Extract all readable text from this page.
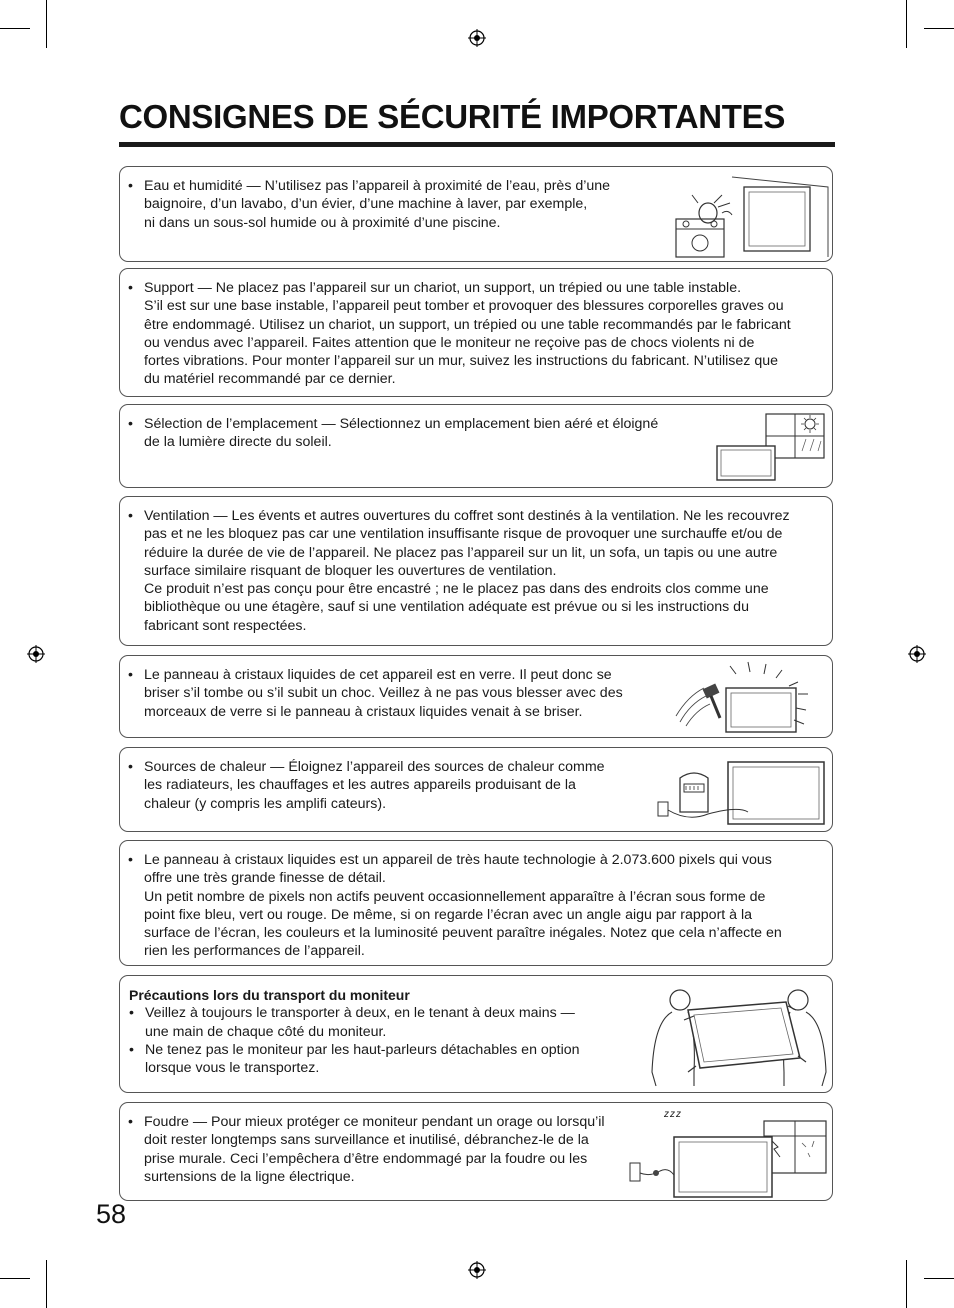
CONSIGNES DE SÉCURITÉ IMPORTANTES

• Eau et humidité — N’utilisez pas l’appareil à proximité de l’eau, près d’une

baignoire, d’un lavabo, d’un évier, d’une machine à laver, par exemple,

ni dans un sous-sol humide ou à proximité d’une piscine.

• Support — Ne placez pas l’appareil sur un chariot, un support, un trépied ou une table instable.

S’il est sur une base instable, l’appareil peut tomber et provoquer des blessures corporelles graves ou

être endommagé. Utilisez un chariot, un support, un trépied ou une table recommandés par le fabricant

ou vendus avec l’appareil. Faites attention que le moniteur ne reçoive pas de chocs violents ni de

fortes vibrations. Pour monter l’appareil sur un mur, suivez les instructions du fabricant. N’utilisez que

du matériel recommandé par ce dernier.

• Sélection de l’emplacement — Sélectionnez un emplacement bien aéré et éloigné

de la lumière directe du soleil.

• Ventilation — Les évents et autres ouvertures du coffret sont destinés à la ventilation. Ne les recouvrez

pas et ne les bloquez pas car une ventilation insuffisante risque de provoquer une surchauffe et/ou de

réduire la durée de vie de l’appareil. Ne placez pas l’appareil sur un lit, un sofa, un tapis ou une autre

surface similaire risquant de bloquer les ouvertures de ventilation.

Ce produit n’est pas conçu pour être encastré ; ne le placez pas dans des endroits clos comme une

bibliothèque ou une étagère, sauf si une ventilation adéquate est prévue ou si les instructions du

fabricant sont respectées.

• Le panneau à cristaux liquides de cet appareil est en verre. Il peut donc se

briser s’il tombe ou s’il subit un choc. Veillez à ne pas vous blesser avec des

morceaux de verre si le panneau à cristaux liquides venait à se briser.

• Sources de chaleur — Éloignez l’appareil des sources de chaleur comme

les radiateurs, les chauffages et les autres appareils produisant de la

chaleur (y compris les amplifi cateurs).

• Le panneau à cristaux liquides est un appareil de très haute technologie à 2.073.600 pixels qui vous

offre une très grande finesse de détail.

Un petit nombre de pixels non actifs peuvent occasionnellement apparaître à l’écran sous forme de

point fixe bleu, vert ou rouge. De même, si on regarde l’écran avec un angle aigu par rapport à la

surface de l’écran, les couleurs et la luminosité peuvent paraître inégales. Notez que cela n’affecte en

rien les performances de l’appareil.

Précautions lors du transport du moniteur

• Veillez à toujours le transporter à deux, en le tenant à deux mains —

une main de chaque côté du moniteur.

• Ne tenez pas le moniteur par les haut-parleurs détachables en option

lorsque vous le transportez.

• Foudre — Pour mieux protéger ce moniteur pendant un orage ou lorsqu’il

doit rester longtemps sans surveillance et inutilisé, débranchez-le de la

prise murale. Ceci l’empêchera d’être endommagé par la foudre ou les

surtensions de la ligne électrique.

zzz

58
